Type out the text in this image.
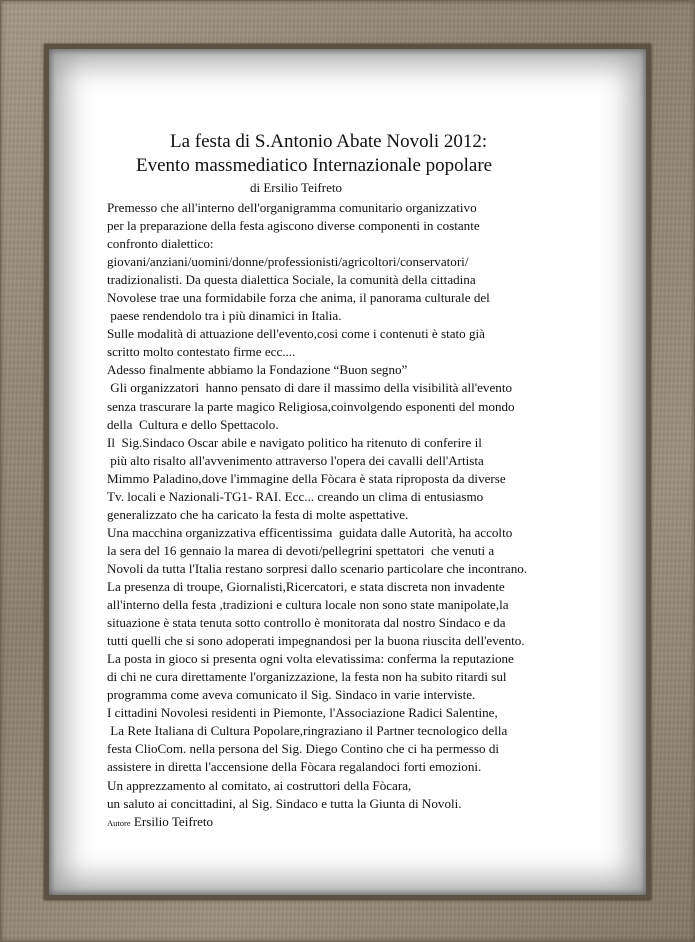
La festa di S.Antonio Abate Novoli 2012:
Evento massmediatico Internazionale popolare
di Ersilio Teifreto
Premesso che all'interno dell'organigramma comunitario organizzativo
per la preparazione della festa agiscono diverse componenti in costante
confronto dialettico:
giovani/anziani/uomini/donne/professionisti/agricoltori/conservatori/
tradizionalisti. Da questa dialettica Sociale, la comunità della cittadina
Novolese trae una formidabile forza che anima, il panorama culturale del
paese rendendolo tra i più dinamici in Italia.
Sulle modalità di attuazione dell'evento,cosi come i contenuti è stato già
scritto molto contestato firme ecc....
Adesso finalmente abbiamo la Fondazione “Buon segno”
Gli organizzatori  hanno pensato di dare il massimo della visibilità all'evento
senza trascurare la parte magico Religiosa,coinvolgendo esponenti del mondo
della  Cultura e dello Spettacolo.
Il  Sig.Sindaco Oscar abile e navigato politico ha ritenuto di conferire il
più alto risalto all'avvenimento attraverso l'opera dei cavalli dell'Artista
Mimmo Paladino,dove l'immagine della Fòcara è stata riproposta da diverse
Tv. locali e Nazionali-TG1- RAI. Ecc... creando un clima di entusiasmo
generalizzato che ha caricato la festa di molte aspettative.
Una macchina organizzativa efficentissima  guidata dalle Autorità, ha accolto
la sera del 16 gennaio la marea di devoti/pellegrini spettatori  che venuti a
Novoli da tutta l'Italia restano sorpresi dallo scenario particolare che incontrano.
La presenza di troupe, Giornalisti,Ricercatori, e stata discreta non invadente
all'interno della festa ,tradizioni e cultura locale non sono state manipolate,la
situazione è stata tenuta sotto controllo è monitorata dal nostro Sindaco e da
tutti quelli che si sono adoperati impegnandosi per la buona riuscita dell'evento.
La posta in gioco si presenta ogni volta elevatissima: conferma la reputazione
di chi ne cura direttamente l'organizzazione, la festa non ha subito ritardi sul
programma come aveva comunicato il Sig. Sindaco in varie interviste.
I cittadini Novolesi residenti in Piemonte, l'Associazione Radici Salentine,
La Rete Italiana di Cultura Popolare,ringraziano il Partner tecnologico della
festa ClioCom. nella persona del Sig. Diego Contino che ci ha permesso di
assistere in diretta l'accensione della Fòcara regalandoci forti emozioni.
Un apprezzamento al comitato, ai costruttori della Fòcara,
un saluto ai concittadini, al Sig. Sindaco e tutta la Giunta di Novoli.
Autore Ersilio Teifreto
